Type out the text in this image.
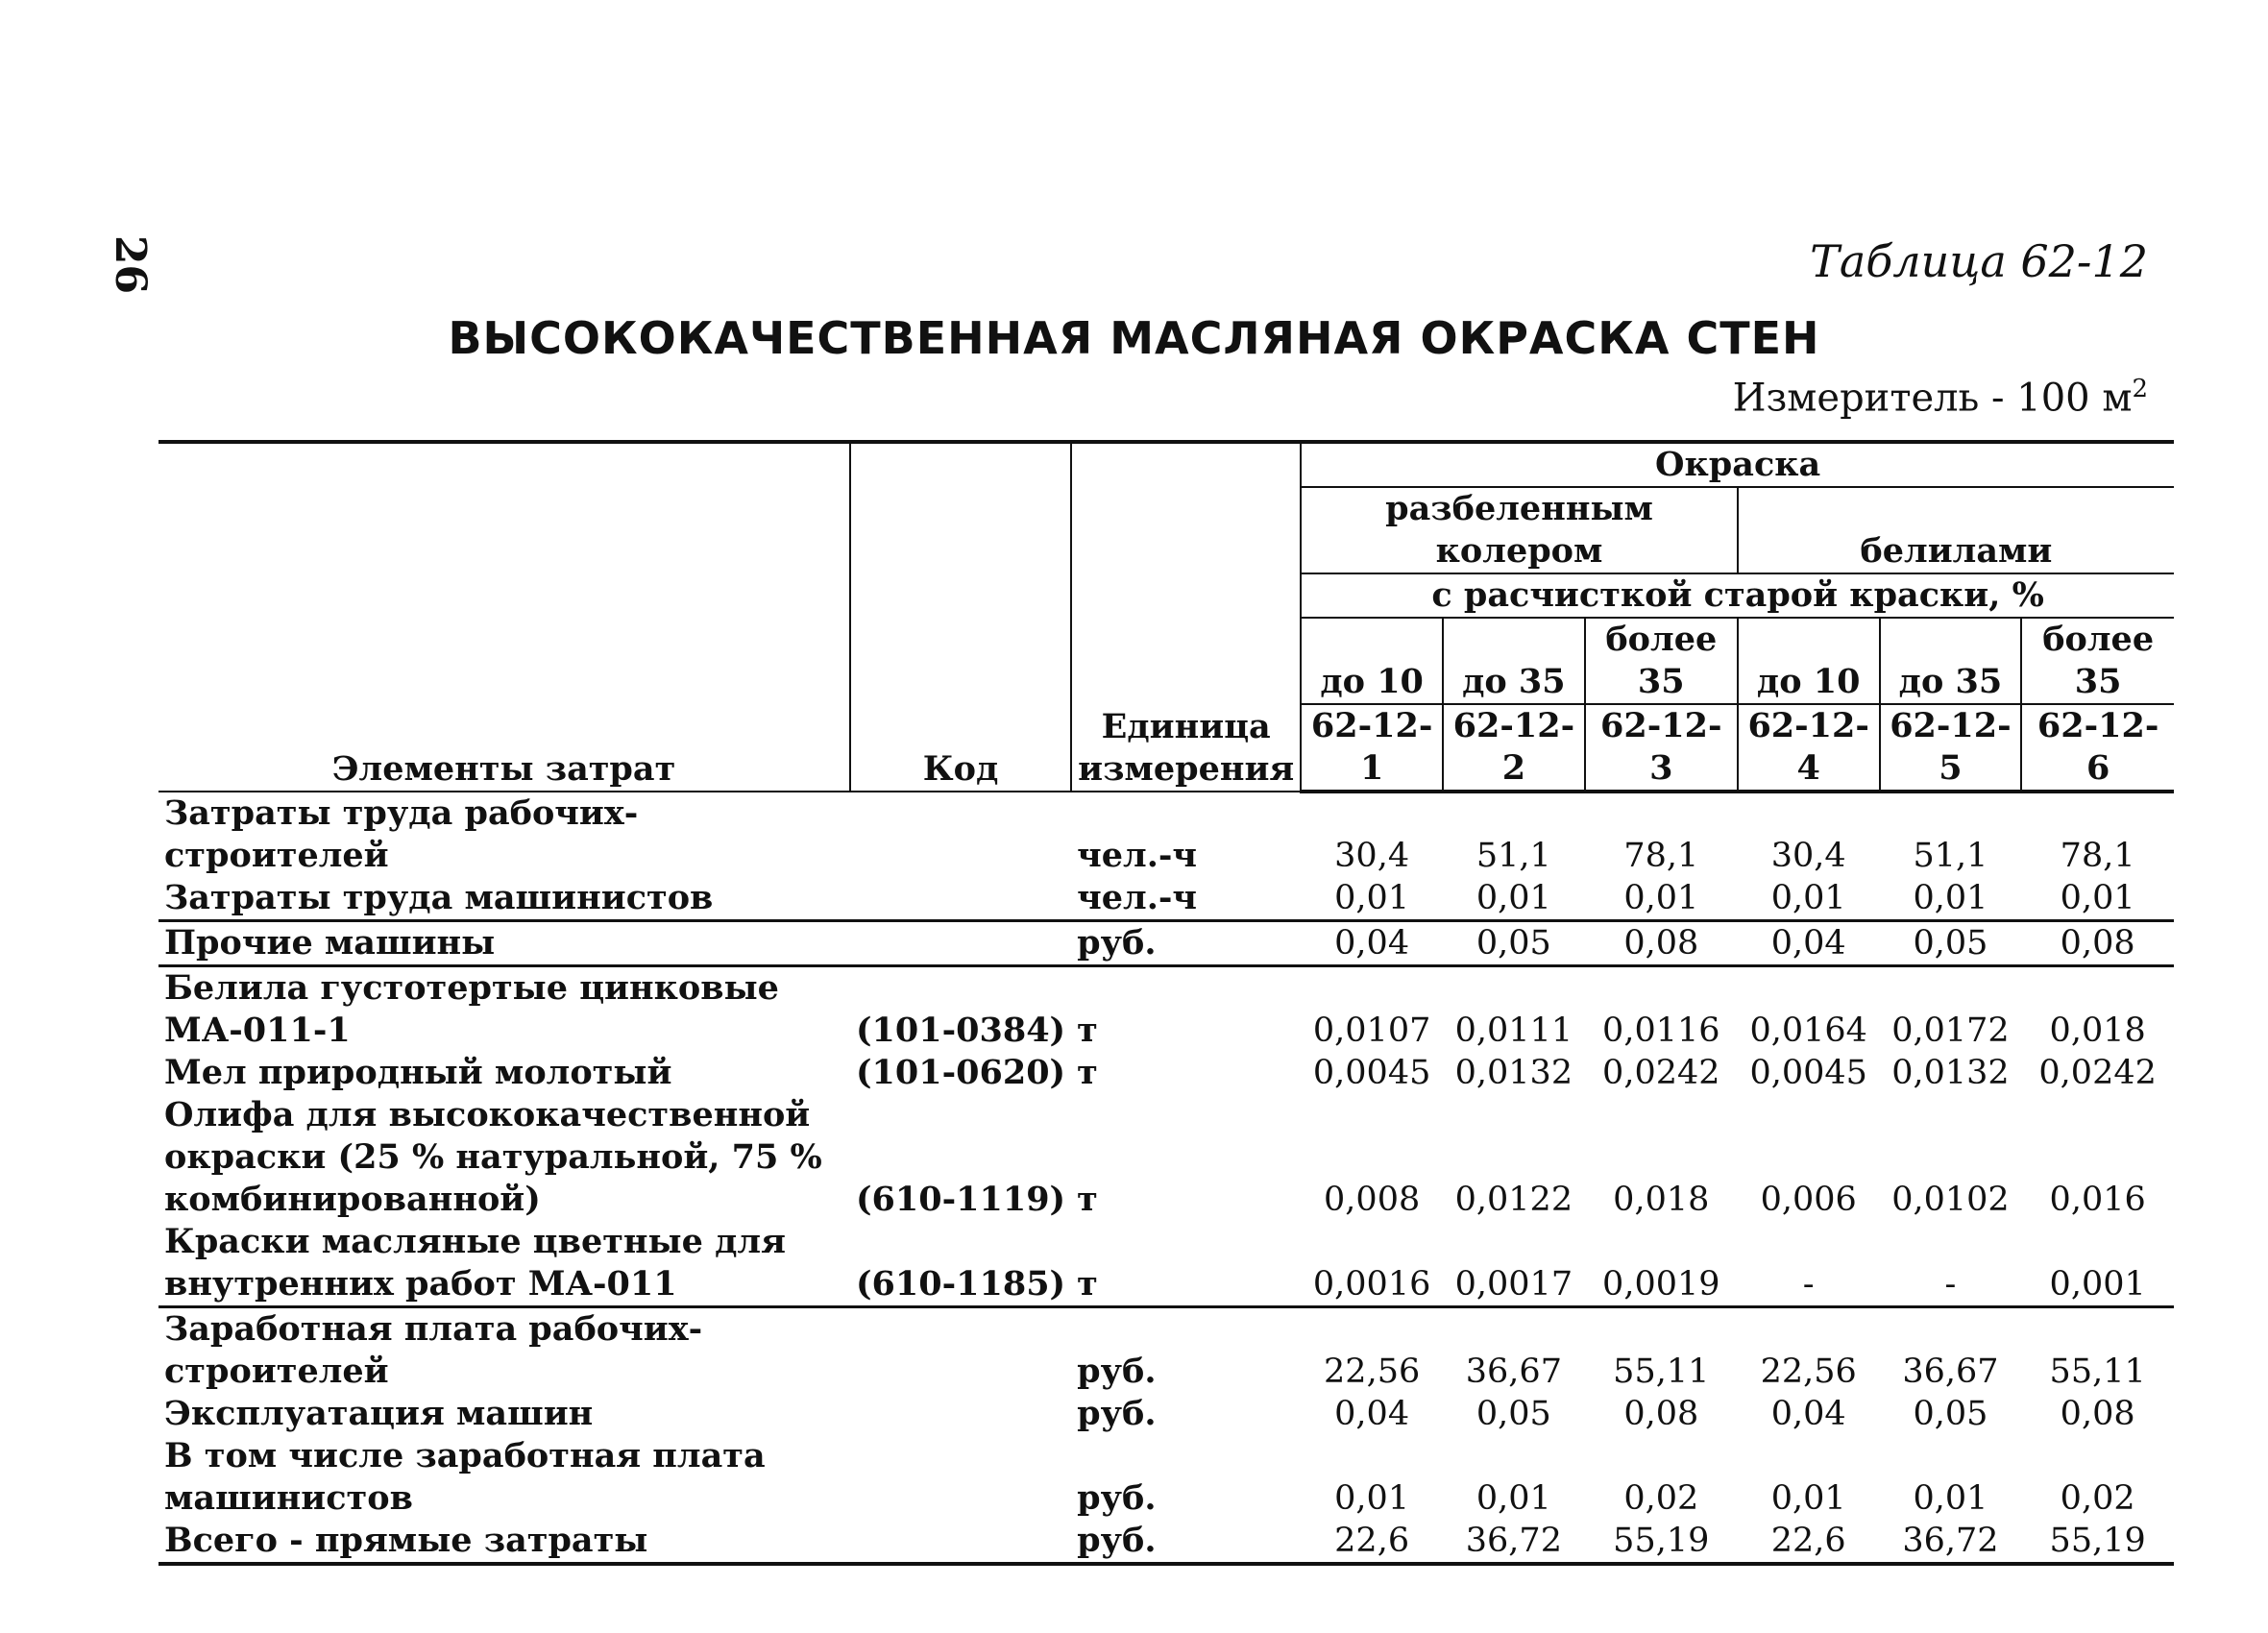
26	Таблица 62-12
ВЫСОКОКАЧЕСТВЕННАЯ МАСЛЯНАЯ ОКРАСКА СТЕН
Измеритель - 100 $м^2$
Элементы затрат	Код	Единица измерения	Окраска					
			разбеленным колером			белилами		
			с расчисткой старой краски, %					
			до 10	до 35	более 35	до 10	до 35	более 35
			62-12-1	62-12-2	62-12-3	62-12-4	62-12-5	62-12-6
Затраты труда рабочих-строителей		чел.-ч	30,4	51,1	78,1	30,4	51,1	78,1
Затраты труда машинистов		чел.-ч	0,01	0,01	0,01	0,01	0,01	0,01
Прочие машины		руб.	0,04	0,05	0,08	0,04	0,05	0,08
Белила густотертые цинковые МА-011-1	(101-0384)	т	0,0107	0,0111	0,0116	0,0164	0,0172	0,018
Мел природный молотый	(101-0620)	т	0,0045	0,0132	0,0242	0,0045	0,0132	0,0242
Олифа для высококачественной окраски (25 % натуральной, 75 % комбинированной)	(610-1119)	т	0,008	0,0122	0,018	0,006	0,0102	0,016
Краски масляные цветные для внутренних работ МА-011	(610-1185)	т	0,0016	0,0017	0,0019	-	-	0,001
Заработная плата рабочих-строителей		руб.	22,56	36,67	55,11	22,56	36,67	55,11
Эксплуатация машин		руб.	0,04	0,05	0,08	0,04	0,05	0,08
В том числе заработная плата машинистов		руб.	0,01	0,01	0,02	0,01	0,01	0,02
Всего - прямые затраты		руб.	22,6	36,72	55,19	22,6	36,72	55,19
